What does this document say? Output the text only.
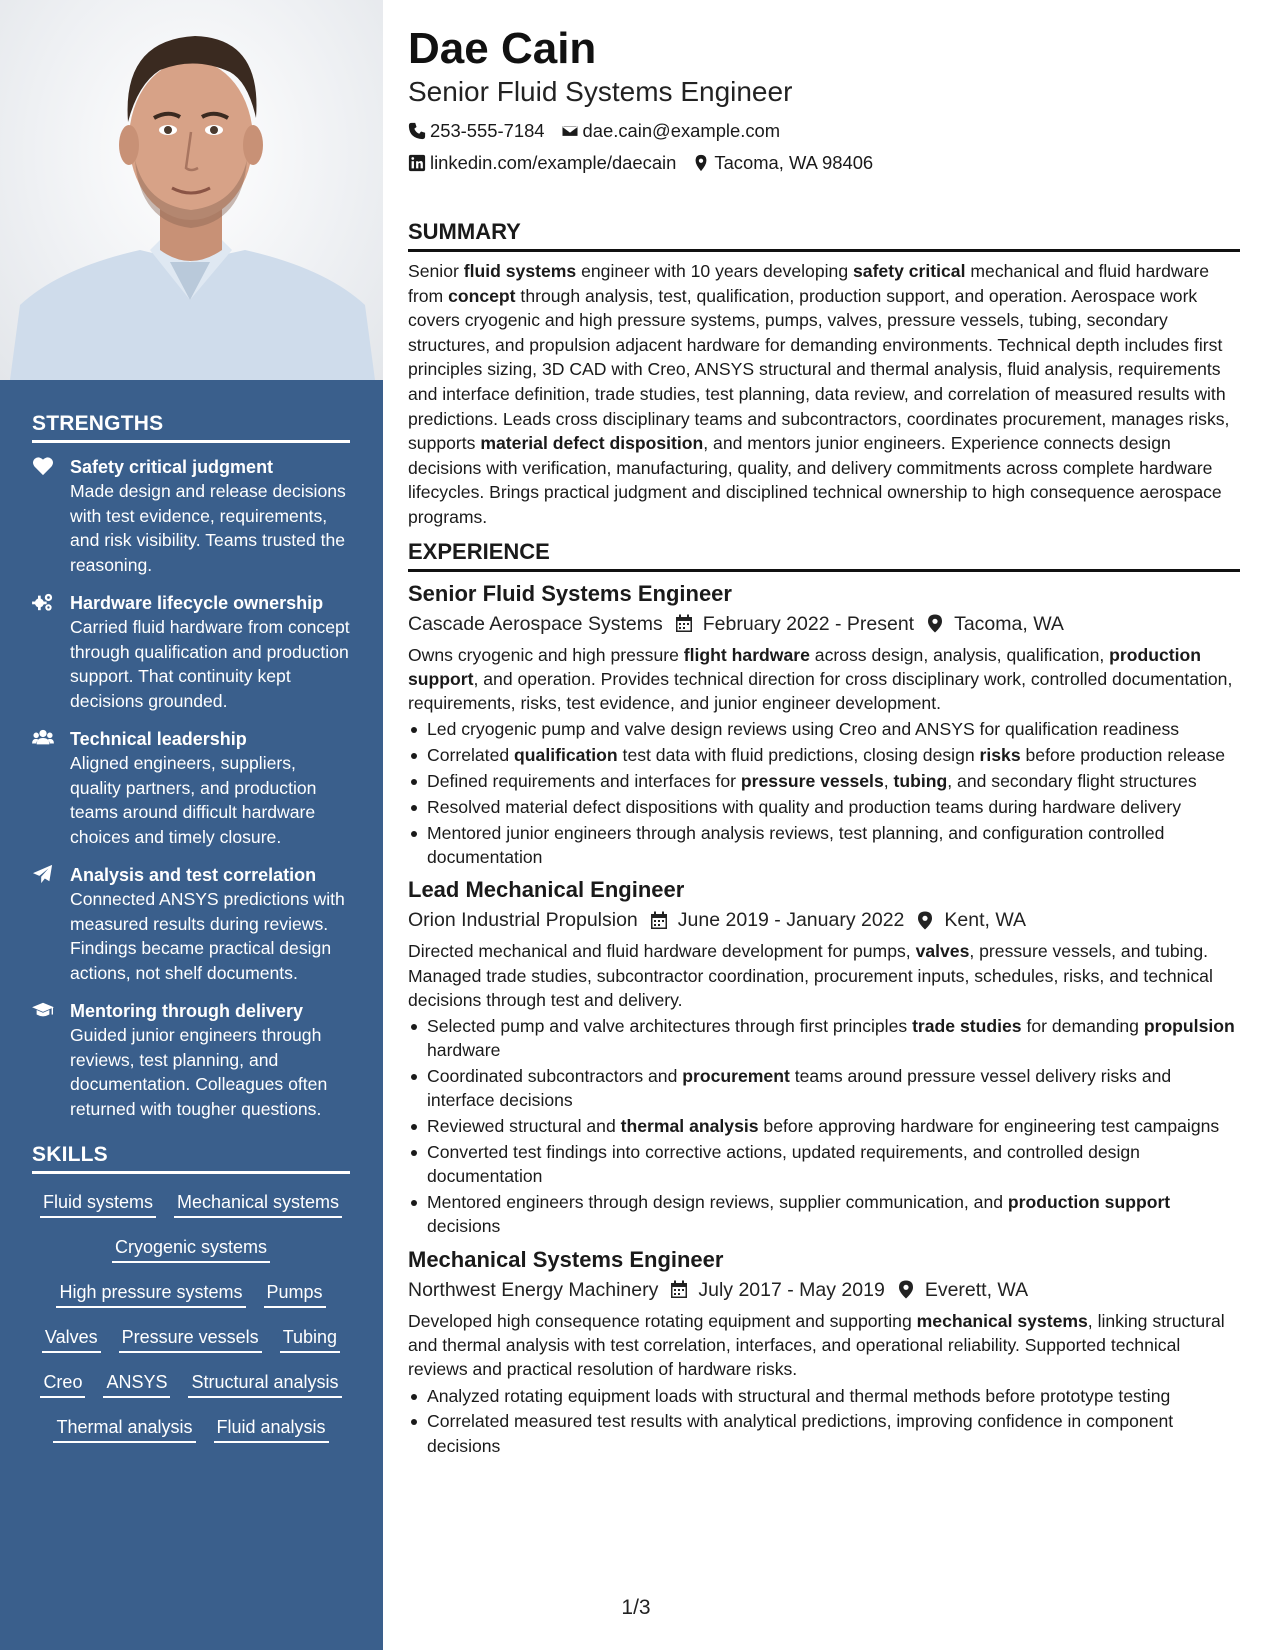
STRENGTHS
Safety critical judgment
Made design and release decisions with test evidence, requirements, and risk visibility. Teams trusted the reasoning.
Hardware lifecycle ownership
Carried fluid hardware from concept through qualification and production support. That continuity kept decisions grounded.
Technical leadership
Aligned engineers, suppliers, quality partners, and production teams around difficult hardware choices and timely closure.
Analysis and test correlation
Connected ANSYS predictions with measured results during reviews. Findings became practical design actions, not shelf documents.
Mentoring through delivery
Guided junior engineers through reviews, test planning, and documentation. Colleagues often returned with tougher questions.
SKILLS
Fluid systems Mechanical systems
Cryogenic systems
High pressure systems Pumps
Valves Pressure vessels Tubing
Creo ANSYS Structural analysis
Thermal analysis Fluid analysis
Dae Cain
Senior Fluid Systems Engineer
253-555-7184 dae.cain@example.com
linkedin.com/example/daecain Tacoma, WA 98406
SUMMARY

Senior fluid systems engineer with 10 years developing safety critical mechanical and fluid hardware from concept through analysis, test, qualification, production support, and operation. Aerospace work covers cryogenic and high pressure systems, pumps, valves, pressure vessels, tubing, secondary structures, and propulsion adjacent hardware for demanding environments. Technical depth includes first principles sizing, 3D CAD with Creo, ANSYS structural and thermal analysis, fluid analysis, requirements and interface definition, trade studies, test planning, data review, and correlation of measured results with predictions. Leads cross disciplinary teams and subcontractors, coordinates procurement, manages risks, supports material defect disposition, and mentors junior engineers. Experience connects design decisions with verification, manufacturing, quality, and delivery commitments across complete hardware lifecycles. Brings practical judgment and disciplined technical ownership to high consequence aerospace programs.

EXPERIENCE
Senior Fluid Systems Engineer
Cascade Aerospace Systems February 2022 - Present Tacoma, WA

Owns cryogenic and high pressure flight hardware across design, analysis, qualification, production support, and operation. Provides technical direction for cross disciplinary work, controlled documentation, requirements, risks, test evidence, and junior engineer development.

Led cryogenic pump and valve design reviews using Creo and ANSYS for qualification readiness
Correlated qualification test data with fluid predictions, closing design risks before production release
Defined requirements and interfaces for pressure vessels, tubing, and secondary flight structures
Resolved material defect dispositions with quality and production teams during hardware delivery
Mentored junior engineers through analysis reviews, test planning, and configuration controlled documentation
Lead Mechanical Engineer
Orion Industrial Propulsion June 2019 - January 2022 Kent, WA

Directed mechanical and fluid hardware development for pumps, valves, pressure vessels, and tubing. Managed trade studies, subcontractor coordination, procurement inputs, schedules, risks, and technical decisions through test and delivery.

Selected pump and valve architectures through first principles trade studies for demanding propulsion hardware
Coordinated subcontractors and procurement teams around pressure vessel delivery risks and interface decisions
Reviewed structural and thermal analysis before approving hardware for engineering test campaigns
Converted test findings into corrective actions, updated requirements, and controlled design documentation
Mentored engineers through design reviews, supplier communication, and production support decisions
Mechanical Systems Engineer
Northwest Energy Machinery July 2017 - May 2019 Everett, WA

Developed high consequence rotating equipment and supporting mechanical systems, linking structural and thermal analysis with test correlation, interfaces, and operational reliability. Supported technical reviews and practical resolution of hardware risks.

Analyzed rotating equipment loads with structural and thermal methods before prototype testing
Correlated measured test results with analytical predictions, improving confidence in component decisions
1/3
